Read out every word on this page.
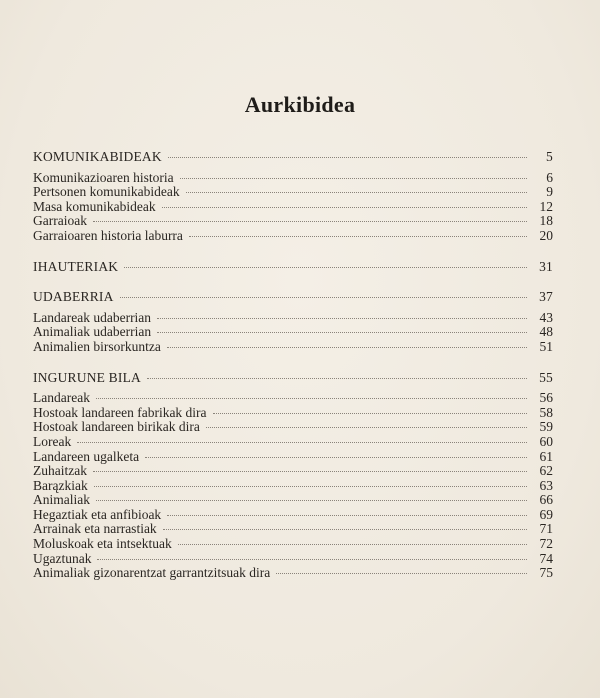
Aurkibidea
KOMUNIKABIDEAK	5
Komunikazioaren historia	6
Pertsonen komunikabideak	9
Masa komunikabideak	12
Garraioak	18
Garraioaren historia laburra	20
IHAUTERIAK	31
UDABERRIA	37
Landareak udaberrian	43
Animaliak udaberrian	48
Animalien birsorkuntza	51
INGURUNE BILA	55
Landareak	56
Hostoak landareen fabrikak dira	58
Hostoak landareen birikak dira	59
Loreak	60
Landareen ugalketa	61
Zuhaitzak	62
Barązkiak	63
Animaliak	66
Hegaztiak eta anfibioak	69
Arrainak eta narrastiak	71
Moluskoak eta intsektuak	72
Ugaztunak	74
Animaliak gizonarentzat garrantzitsuak dira	75
